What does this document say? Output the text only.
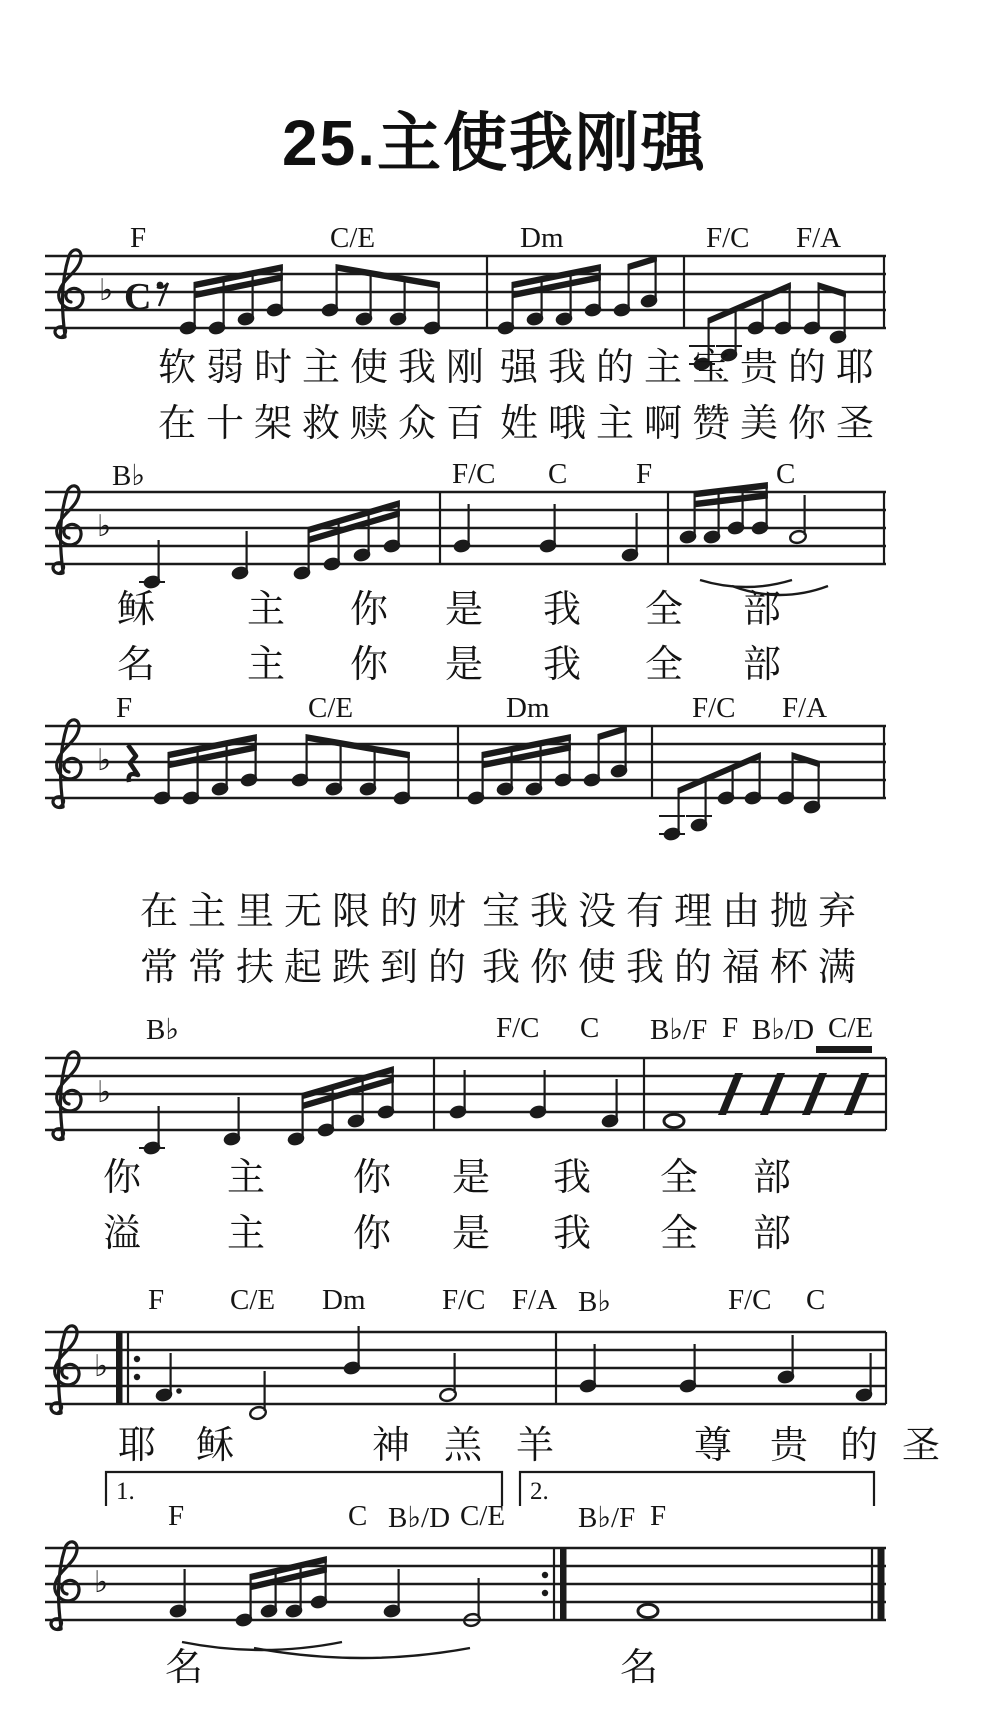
25.主使我刚强
♭ C
♭
♭
♭
♭
♭
F	C/E	Dm	F/C F/A
软弱时主使我刚 强我的主宝贵的耶
在十架救赎众百 姓哦主啊赞美你圣
B♭	F/C C F	C
稣 主 你 是 我 全 部
名 主 你 是 我 全 部
F	C/E	Dm	F/C F/A
在主里无限的财 宝我没有理由抛弃
常常扶起跌到的 我你使我的福杯满
B♭	F/C C B♭/F F B♭/D C/E
你 主 你 是 我 全 部
溢 主 你 是 我 全 部
F C/E Dm	F/C F/A B♭	F/C C
耶 稣	神 羔 羊	尊 贵 的 圣
F	C B♭/D C/E	B♭/F F
名	名
1.	2.
